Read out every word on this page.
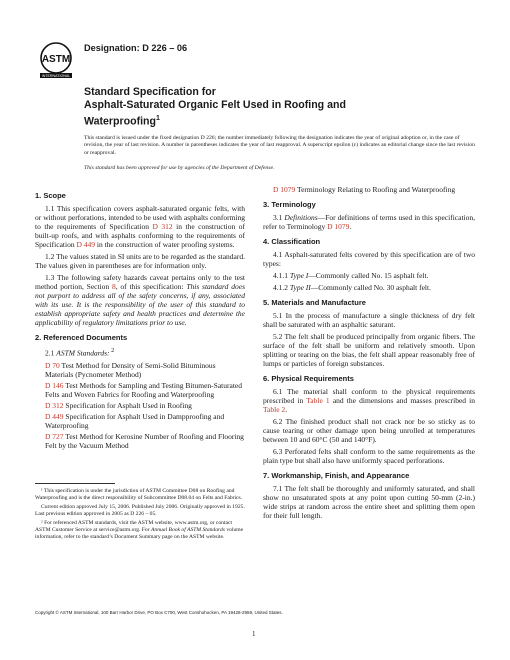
ASTM
INTERNATIONAL
Designation: D 226 – 06
Standard Specification for
Asphalt-Saturated Organic Felt Used in Roofing and
Waterproofing$^1$
This standard is issued under the fixed designation D 226; the number immediately following the designation indicates the year of original adoption or, in the case of revision, the year of last revision. A number in parentheses indicates the year of last reapproval. A superscript epsilon (ε) indicates an editorial change since the last revision or reapproval.
This standard has been approved for use by agencies of the Department of Defense.
1. Scope

1.1 This specification covers asphalt-saturated organic felts, with or without perforations, intended to be used with asphalts conforming to the requirements of Specification D 312 in the construction of built-up roofs, and with asphalts conforming to the requirements of Specification D 449 in the construction of water proofing systems.

1.2 The values stated in SI units are to be regarded as the standard. The values given in parentheses are for information only.

1.3 The following safety hazards caveat pertains only to the test method portion, Section 8, of this specification: This standard does not purport to address all of the safety concerns, if any, associated with its use. It is the responsibility of the user of this standard to establish appropriate safety and health practices and determine the applicability of regulatory limitations prior to use.

2. Referenced Documents

2.1 ASTM Standards: $^2$

D 70 Test Method for Density of Semi-Solid Bituminous Materials (Pycnometer Method)

D 146 Test Methods for Sampling and Testing Bitumen-Saturated Felts and Woven Fabrics for Roofing and Waterproofing

D 312 Specification for Asphalt Used in Roofing

D 449 Specification for Asphalt Used in Dampproofing and Waterproofing

D 727 Test Method for Kerosine Number of Roofing and Flooring Felt by the Vacuum Method

D 1079 Terminology Relating to Roofing and Waterproofing

3. Terminology

3.1 Definitions—For definitions of terms used in this specification, refer to Terminology D 1079.

4. Classification

4.1 Asphalt-saturated felts covered by this specification are of two types:

4.1.1 Type I—Commonly called No. 15 asphalt felt.

4.1.2 Type II—Commonly called No. 30 asphalt felt.

5. Materials and Manufacture

5.1 In the process of manufacture a single thickness of dry felt shall be saturated with an asphaltic saturant.

5.2 The felt shall be produced principally from organic fibers. The surface of the felt shall be uniform and relatively smooth. Upon splitting or tearing on the bias, the felt shall appear reasonably free of lumps or particles of foreign substances.

6. Physical Requirements

6.1 The material shall conform to the physical requirements prescribed in Table 1 and the dimensions and masses prescribed in Table 2.

6.2 The finished product shall not crack nor be so sticky as to cause tearing or other damage upon being unrolled at temperatures between 10 and 60°C (50 and 140°F).

6.3 Perforated felts shall conform to the same requirements as the plain type but shall also have uniformly spaced perforations.

7. Workmanship, Finish, and Appearance

7.1 The felt shall be thoroughly and uniformly saturated, and shall show no unsaturated spots at any point upon cutting 50-mm (2-in.) wide strips at random across the entire sheet and splitting them open for their full length.

¹ This specification is under the jurisdiction of ASTM Committee D08 on Roofing and Waterproofing and is the direct responsibility of Subcommittee D08.04 on Felts and Fabrics.

Current edition approved July 15, 2006. Published July 2006. Originally approved in 1925. Last previous edition approved in 2005 as D 226 – 05.

² For referenced ASTM standards, visit the ASTM website, www.astm.org, or contact ASTM Customer Service at service@astm.org. For Annual Book of ASTM Standards volume information, refer to the standard’s Document Summary page on the ASTM website.

Copyright © ASTM International, 100 Barr Harbor Drive, PO Box C700, West Conshohocken, PA 19428-2959, United States.
1
